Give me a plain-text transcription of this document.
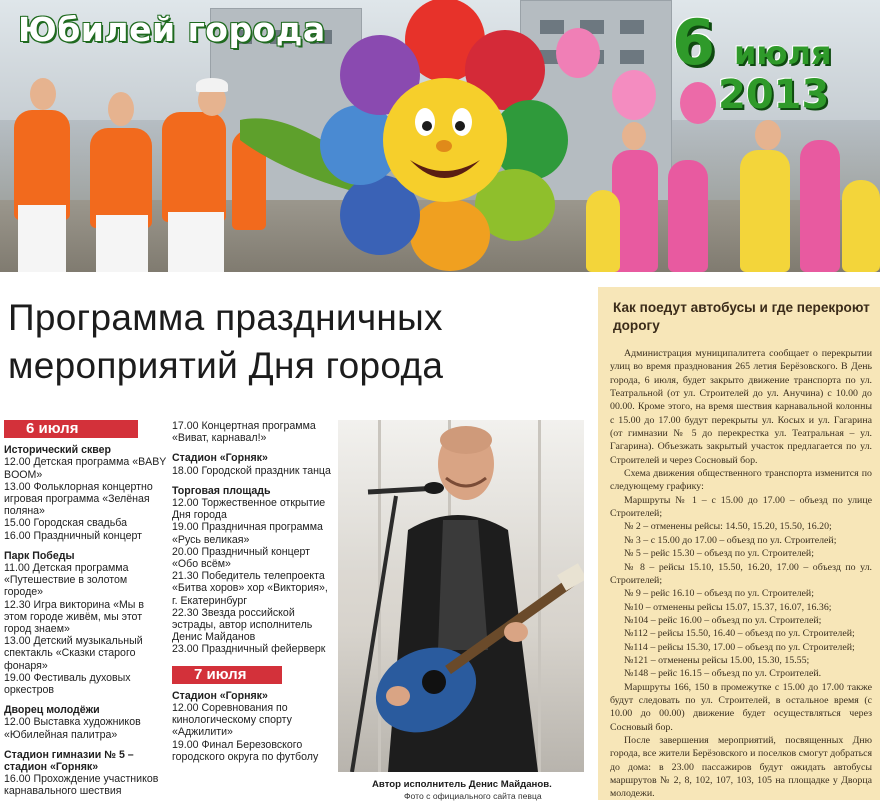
Юбилей города	6 июля
2013
Программа праздничных
мероприятий Дня города
6 июля
Исторический сквер
12.00 Детская программа «BABY BOOM»
13.00 Фольклорная концертно игровая программа «Зелёная поляна»
15.00 Городская свадьба
16.00 Праздничный концерт
Парк Победы
11.00 Детская программа «Путешествие в золотом городе»
12.30 Игра викторина «Мы в этом городе живём, мы этот город знаем»
13.00 Детский музыкальный спектакль «Сказки старого фонаря»
19.00 Фестиваль духовых оркестров
Дворец молодёжи
12.00 Выставка художников «Юбилейная палитра»
Стадион гимназии № 5 – стадион «Горняк»
16.00 Прохождение участников карнавального шествия
17.00 Концертная программа «Виват, карнавал!»
Стадион «Горняк»
18.00 Городской праздник танца
Торговая площадь
12.00 Торжественное открытие Дня города
19.00 Праздничная программа «Русь великая»
20.00 Праздничный концерт «Обо всём»
21.30 Победитель телепроекта «Битва хоров» хор «Виктория», г. Екатеринбург
22.30 Звезда российской эстрады, автор исполнитель Денис Майданов
23.00 Праздничный фейерверк
7 июля
Стадион «Горняк»
12.00 Соревнования по кинологическому спорту «Аджилити»
19.00 Финал Березовского городского округа по футболу
Автор исполнитель Денис Майданов.
Фото с официального сайта певца
Как поедут автобусы и где перекроют дорогу

Администрация муниципалитета сообщает о перекрытии улиц во время празднования 265 летия Берёзовского. В День города, 6 июля, будет закрыто движение транспорта по ул. Театральной (от ул. Строителей до ул. Анучина) с 10.00 до 00.00. Кроме этого, на время шествия карнавальной колонны с 15.00 до 17.00 будут перекрыты ул. Косых и ул. Гагарина (от гимназии № 5 до перекрестка ул. Театральная – ул. Гагарина). Объезжать закрытый участок предлагается по ул. Строителей и через Сосновый бор.

Схема движения общественного транспорта изменится по следующему графику:

Маршруты № 1 – с 15.00 до 17.00 – объезд по улице Строителей;

№ 2 – отменены рейсы: 14.50, 15.20, 15.50, 16.20;

№ 3 – с 15.00 до 17.00 – объезд по ул. Строителей;

№ 5 – рейс 15.30 – объезд по ул. Строителей;

№ 8 – рейсы 15.10, 15.50, 16.20, 17.00 – объезд по ул. Строителей;

№ 9 – рейс 16.10 – объезд по ул. Строителей;

№10 – отменены рейсы 15.07, 15.37, 16.07, 16.36;

№104 – рейс 16.00 – объезд по ул. Строителей;

№112 – рейсы 15.50, 16.40 – объезд по ул. Строителей;

№114 – рейсы 15.30, 17.00 – объезд по ул. Строителей;

№121 – отменены рейсы 15.00, 15.30, 15.55;

№148 – рейс 16.15 – объезд по ул. Строителей.

Маршруты 166, 150 в промежутке с 15.00 до 17.00 также будут следовать по ул. Строителей, в остальное время (с 10.00 до 00.00) движение будет осуществляться через Сосновый бор.

После завершения мероприятий, посвященных Дню города, все жители Берёзовского и поселков смогут добраться до дома: в 23.00 пассажиров будут ожидать автобусы маршрутов № 2, 8, 102, 107, 103, 105 на площадке у Дворца молодежи.
